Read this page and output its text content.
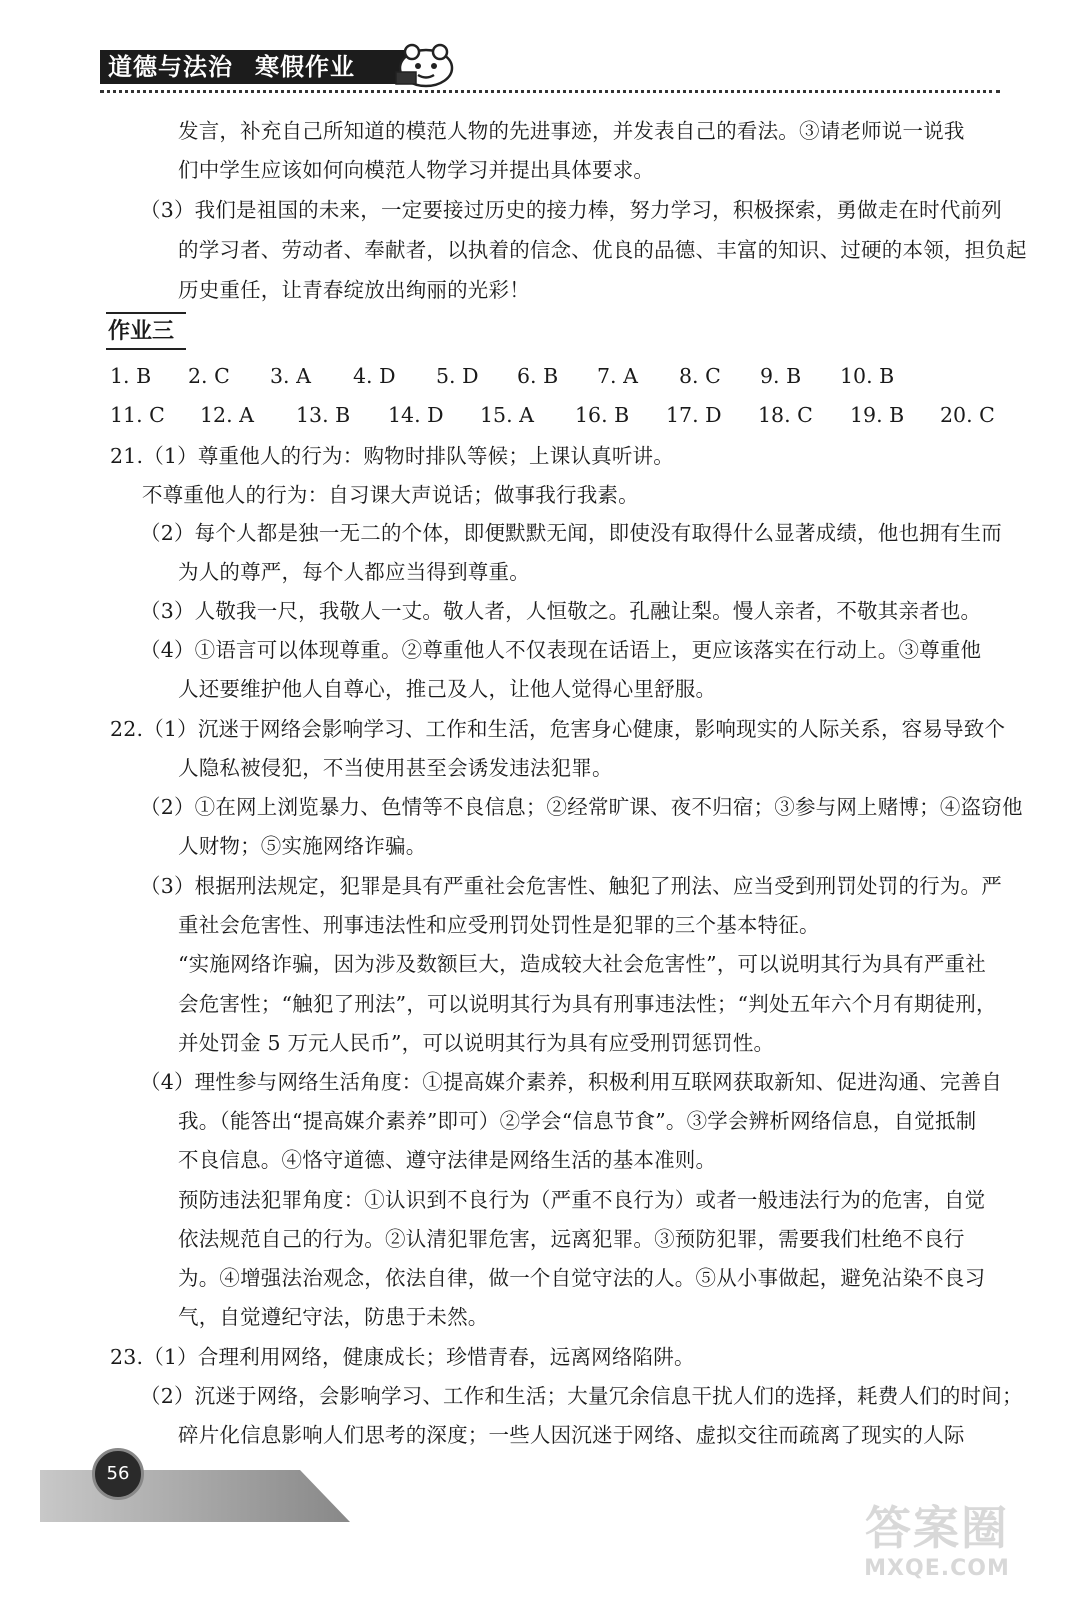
道德与法治 寒假作业
发言，补充自己所知道的模范人物的先进事迹，并发表自己的看法。③请老师说一说我
们中学生应该如何向模范人物学习并提出具体要求。
（3）我们是祖国的未来，一定要接过历史的接力棒，努力学习，积极探索，勇做走在时代前列
的学习者、劳动者、奉献者，以执着的信念、优良的品德、丰富的知识、过硬的本领，担负起
历史重任，让青春绽放出绚丽的光彩！
作业三
1. B 2. C 3. A 4. D 5. D 6. B 7. A 8. C 9. B 10. B
11. C 12. A 13. B 14. D 15. A 16. B 17. D 18. C 19. B 20. C
21.（1）尊重他人的行为：购物时排队等候；上课认真听讲。
不尊重他人的行为：自习课大声说话；做事我行我素。
（2）每个人都是独一无二的个体，即便默默无闻，即使没有取得什么显著成绩，他也拥有生而
为人的尊严，每个人都应当得到尊重。
（3）人敬我一尺，我敬人一丈。敬人者，人恒敬之。孔融让梨。慢人亲者，不敬其亲者也。
（4）①语言可以体现尊重。②尊重他人不仅表现在话语上，更应该落实在行动上。③尊重他
人还要维护他人自尊心，推己及人，让他人觉得心里舒服。
22.（1）沉迷于网络会影响学习、工作和生活，危害身心健康，影响现实的人际关系，容易导致个
人隐私被侵犯，不当使用甚至会诱发违法犯罪。
（2）①在网上浏览暴力、色情等不良信息；②经常旷课、夜不归宿；③参与网上赌博；④盗窃他
人财物；⑤实施网络诈骗。
（3）根据刑法规定，犯罪是具有严重社会危害性、触犯了刑法、应当受到刑罚处罚的行为。严
重社会危害性、刑事违法性和应受刑罚处罚性是犯罪的三个基本特征。
“实施网络诈骗，因为涉及数额巨大，造成较大社会危害性”，可以说明其行为具有严重社
会危害性；“触犯了刑法”，可以说明其行为具有刑事违法性；“判处五年六个月有期徒刑，
并处罚金 5 万元人民币”，可以说明其行为具有应受刑罚惩罚性。
（4）理性参与网络生活角度：①提高媒介素养，积极利用互联网获取新知、促进沟通、完善自
我。（能答出“提高媒介素养”即可）②学会“信息节食”。③学会辨析网络信息，自觉抵制
不良信息。④恪守道德、遵守法律是网络生活的基本准则。
预防违法犯罪角度：①认识到不良行为（严重不良行为）或者一般违法行为的危害，自觉
依法规范自己的行为。②认清犯罪危害，远离犯罪。③预防犯罪，需要我们杜绝不良行
为。④增强法治观念，依法自律，做一个自觉守法的人。⑤从小事做起，避免沾染不良习
气，自觉遵纪守法，防患于未然。
23.（1）合理利用网络，健康成长；珍惜青春，远离网络陷阱。
（2）沉迷于网络，会影响学习、工作和生活；大量冗余信息干扰人们的选择，耗费人们的时间；
碎片化信息影响人们思考的深度；一些人因沉迷于网络、虚拟交往而疏离了现实的人际
56
答案圈
MXQE.COM
